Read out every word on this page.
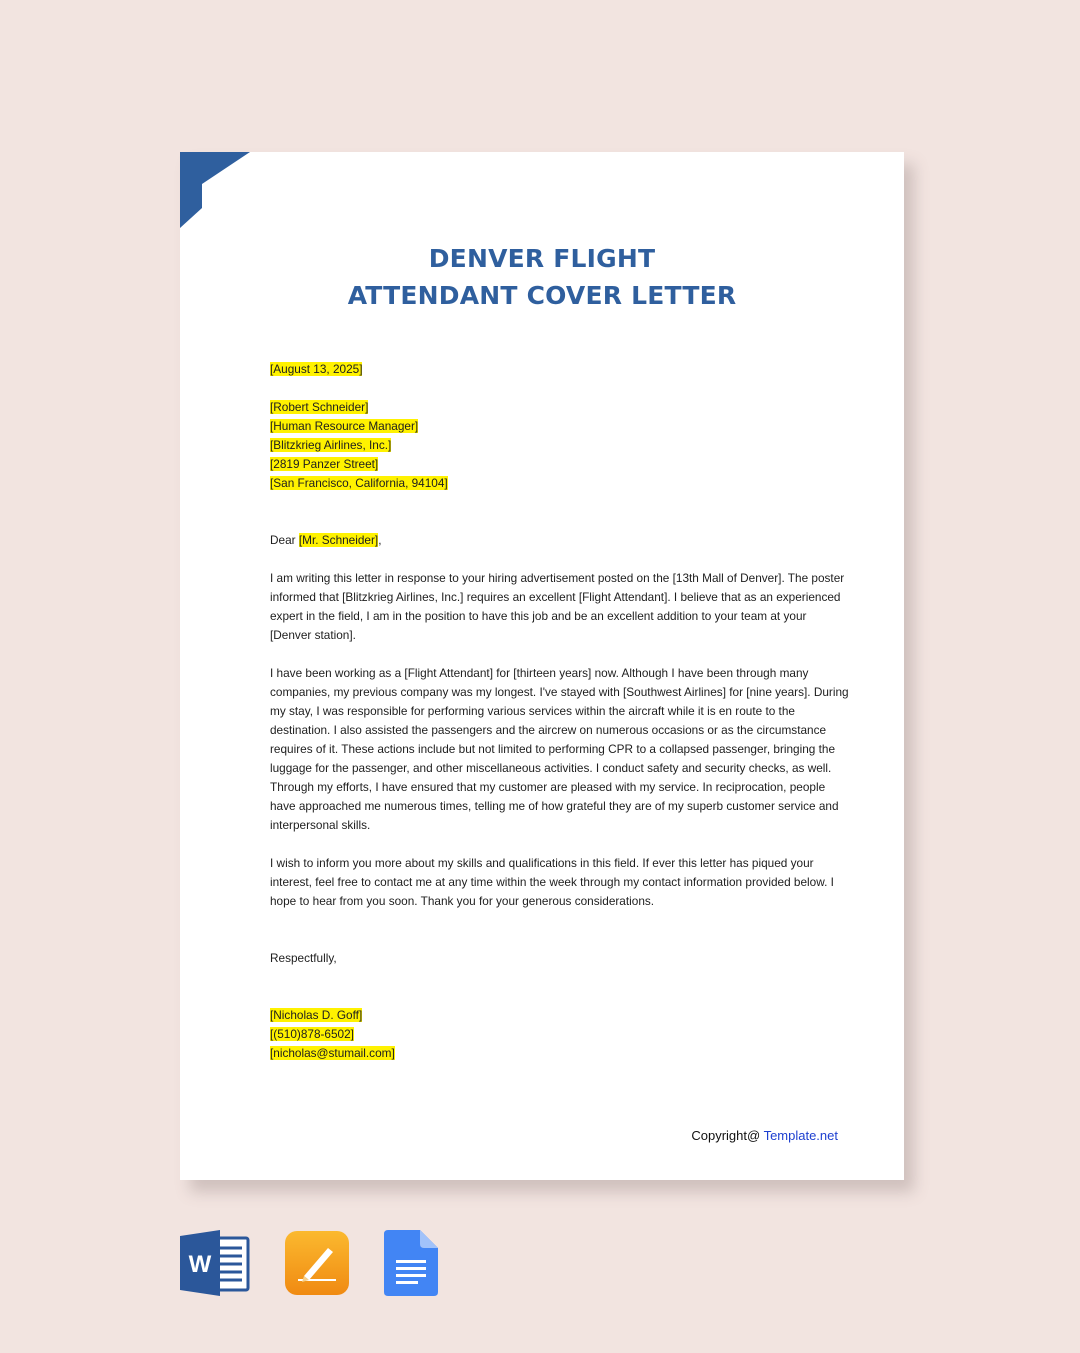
DENVER FLIGHT
ATTENDANT COVER LETTER

[August 13, 2025]

[Robert Schneider]

[Human Resource Manager]

[Blitzkrieg Airlines, Inc.]

[2819 Panzer Street]

[San Francisco, California, 94104]

Dear [Mr. Schneider],

I am writing this letter in response to your hiring advertisement posted on the [13th Mall of Denver]. The poster informed that [Blitzkrieg Airlines, Inc.] requires an excellent [Flight Attendant]. I believe that as an experienced expert in the field, I am in the position to have this job and be an excellent addition to your team at your [Denver station].

I have been working as a [Flight Attendant] for [thirteen years] now. Although I have been through many companies, my previous company was my longest. I've stayed with [Southwest Airlines] for [nine years]. During my stay, I was responsible for performing various services within the aircraft while it is en route to the destination. I also assisted the passengers and the aircrew on numerous occasions or as the circumstance requires of it. These actions include but not limited to performing CPR to a collapsed passenger, bringing the luggage for the passenger, and other miscellaneous activities. I conduct safety and security checks, as well. Through my efforts, I have ensured that my customer are pleased with my service. In reciprocation, people have approached me numerous times, telling me of how grateful they are of my superb customer service and interpersonal skills.

I wish to inform you more about my skills and qualifications in this field. If ever this letter has piqued your interest, feel free to contact me at any time within the week through my contact information provided below. I hope to hear from you soon. Thank you for your generous considerations.

Respectfully,

[Nicholas D. Goff]

[(510)878-6502]

[nicholas@stumail.com]

Copyright@ Template.net
W
